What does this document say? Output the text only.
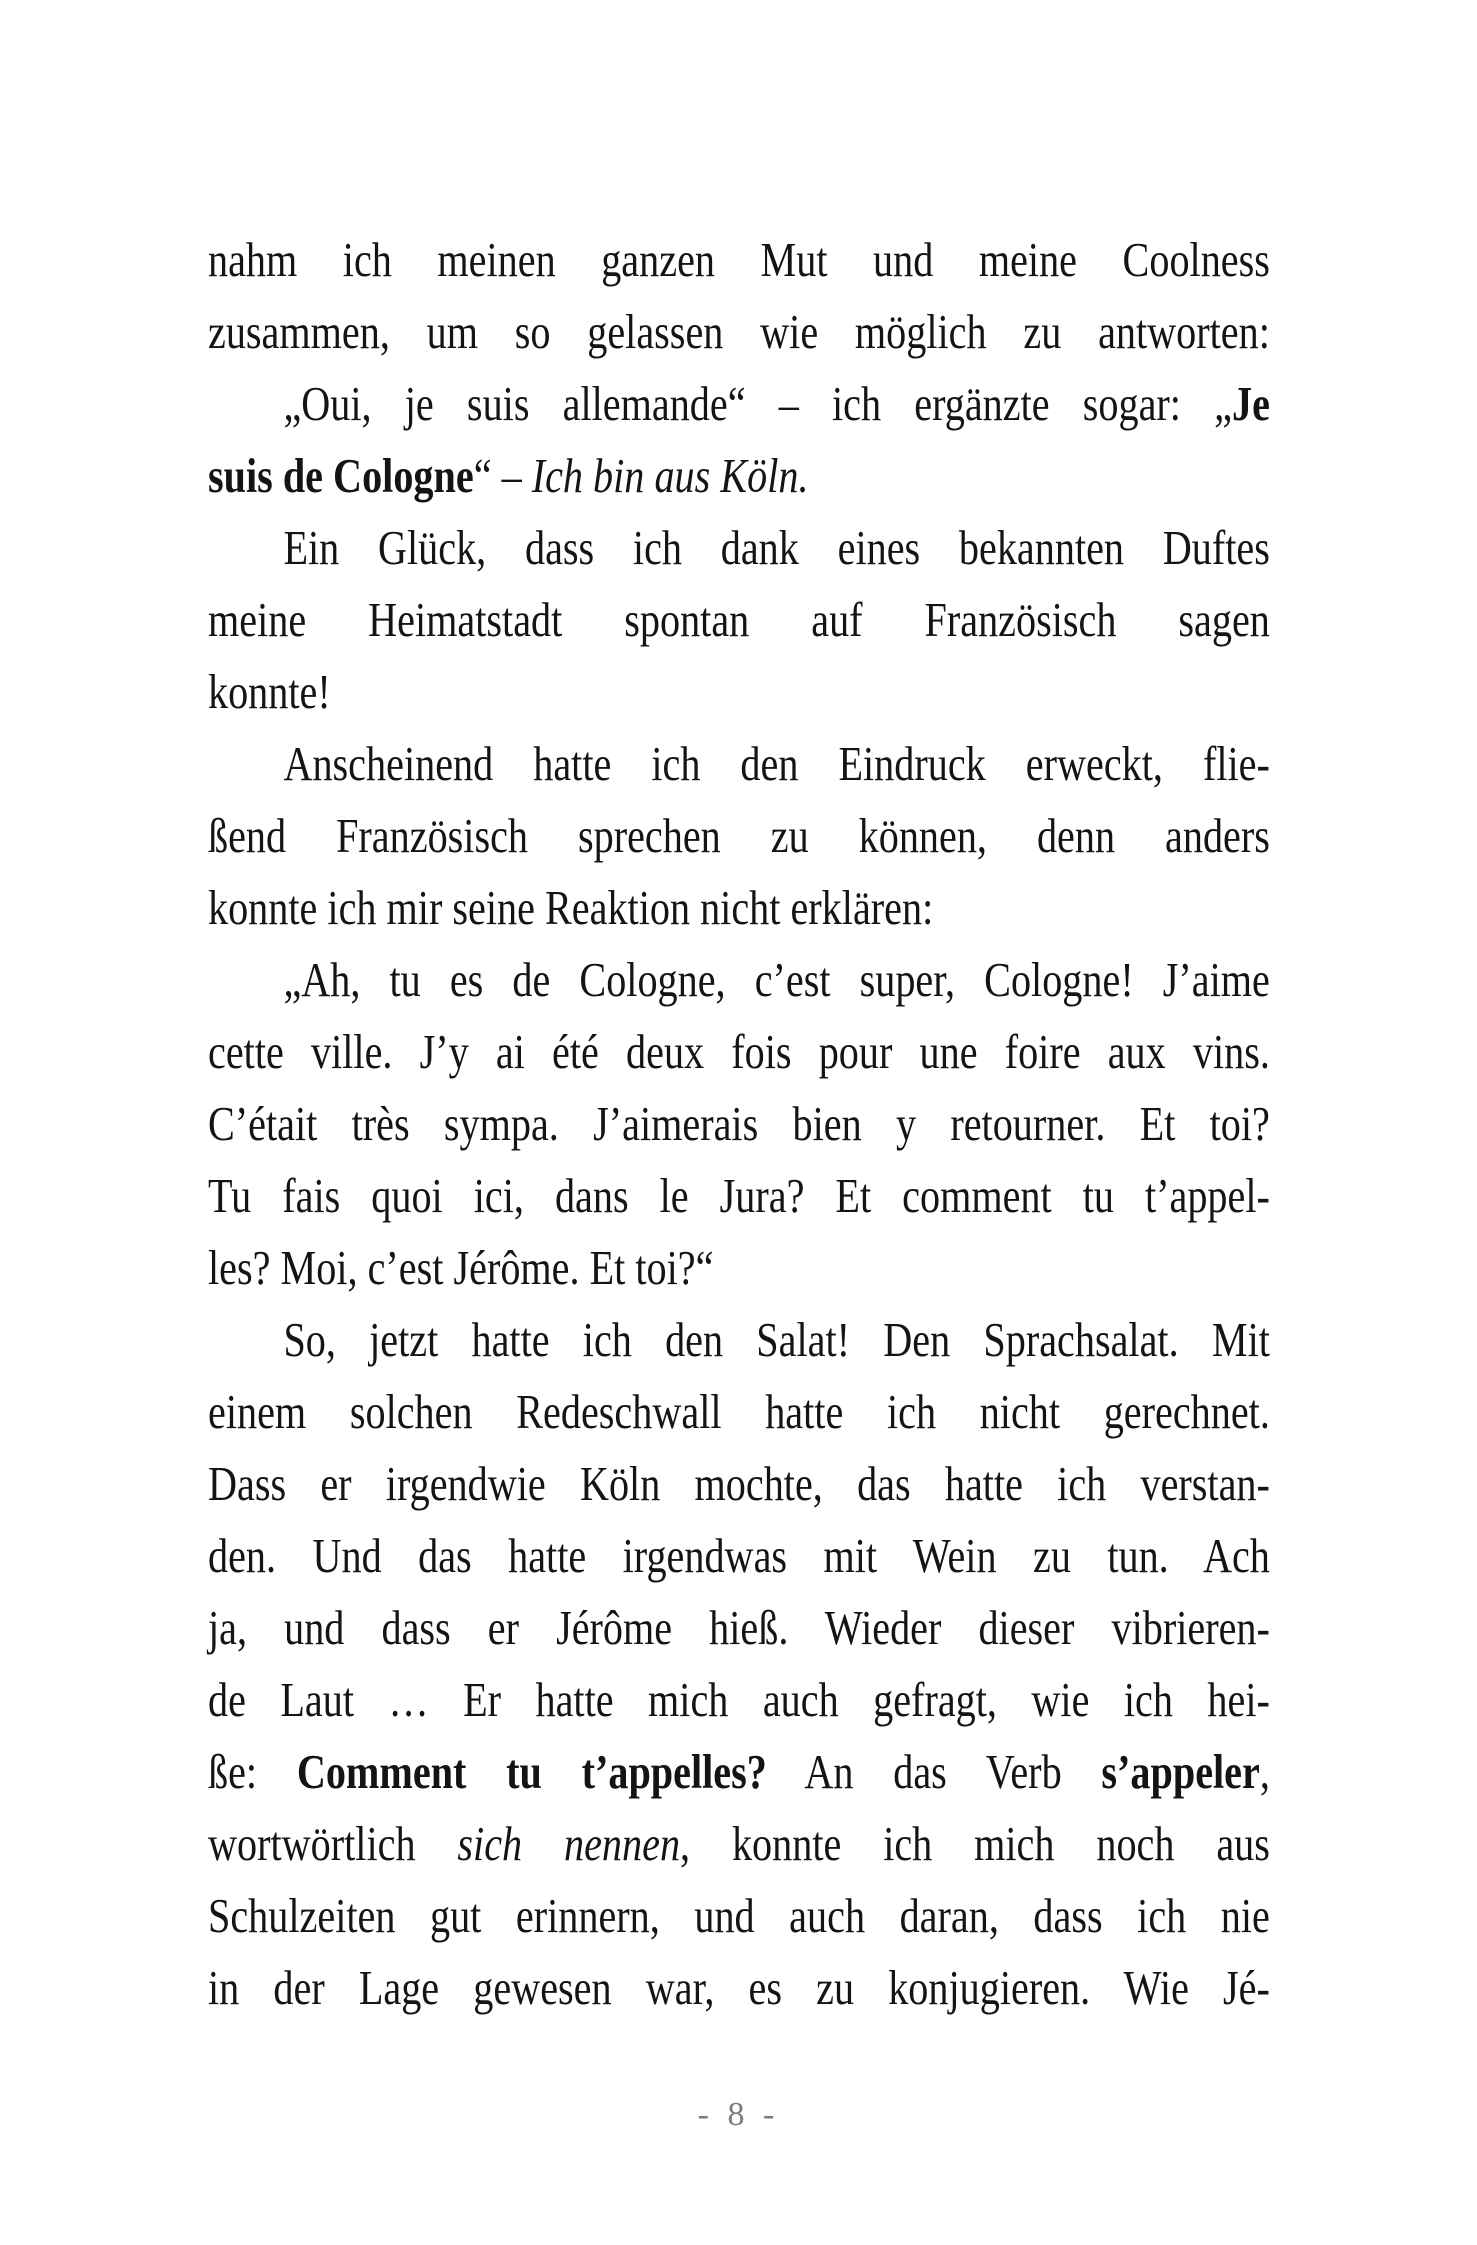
nahm ich meinen ganzen Mut und meine Coolness
zusammen, um so gelassen wie möglich zu antworten:
„Oui, je suis allemande“ – ich ergänzte sogar: „Je
suis de Cologne“ – Ich bin aus Köln.
Ein Glück, dass ich dank eines bekannten Duftes
meine Heimatstadt spontan auf Französisch sagen
konnte!
Anscheinend hatte ich den Eindruck erweckt, flie-
ßend Französisch sprechen zu können, denn anders
konnte ich mir seine Reaktion nicht erklären:
„Ah, tu es de Cologne, c’est super, Cologne! J’aime
cette ville. J’y ai été deux fois pour une foire aux vins.
C’était très sympa. J’aimerais bien y retourner. Et toi?
Tu fais quoi ici, dans le Jura? Et comment tu t’appel-
les? Moi, c’est Jérôme. Et toi?“
So, jetzt hatte ich den Salat! Den Sprachsalat. Mit
einem solchen Redeschwall hatte ich nicht gerechnet.
Dass er irgendwie Köln mochte, das hatte ich verstan-
den. Und das hatte irgendwas mit Wein zu tun. Ach
ja, und dass er Jérôme hieß. Wieder dieser vibrieren-
de Laut … Er hatte mich auch gefragt, wie ich hei-
ße: Comment tu t’appelles? An das Verb s’appeler,
wortwörtlich sich nennen, konnte ich mich noch aus
Schulzeiten gut erinnern, und auch daran, dass ich nie
in der Lage gewesen war, es zu konjugieren. Wie Jé-
- 8 -
